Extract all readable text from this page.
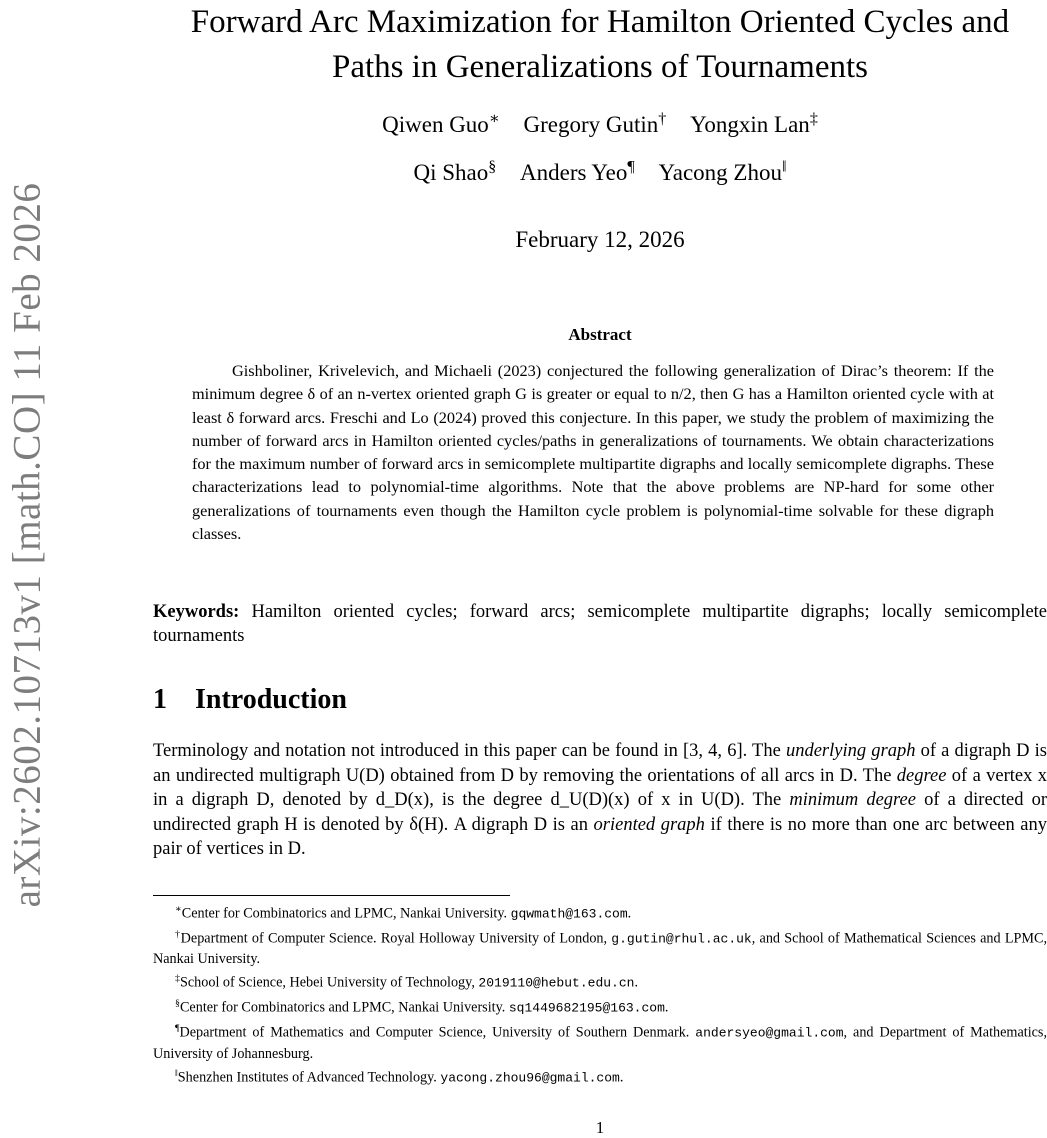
arXiv:2602.10713v1 [math.CO] 11 Feb 2026
Forward Arc Maximization for Hamilton Oriented Cycles and
Paths in Generalizations of Tournaments
Qiwen Guo∗ Gregory Gutin† Yongxin Lan‡
Qi Shao§ Anders Yeo¶ Yacong Zhou‖
February 12, 2026
Abstract

Gishboliner, Krivelevich, and Michaeli (2023) conjectured the following generalization of Dirac’s theorem: If the minimum degree δ of an n-vertex oriented graph G is greater or equal to n/2, then G has a Hamilton oriented cycle with at least δ forward arcs. Freschi and Lo (2024) proved this conjecture. In this paper, we study the problem of maximizing the number of forward arcs in Hamilton oriented cycles/paths in generalizations of tournaments. We obtain characterizations for the maximum number of forward arcs in semicomplete multipartite digraphs and locally semicomplete digraphs. These characterizations lead to polynomial-time algorithms. Note that the above problems are NP-hard for some other generalizations of tournaments even though the Hamilton cycle problem is polynomial-time solvable for these digraph classes.

Keywords: Hamilton oriented cycles; forward arcs; semicomplete multipartite digraphs; locally semicomplete tournaments

1 Introduction

Terminology and notation not introduced in this paper can be found in [3, 4, 6]. The underlying graph of a digraph D is an undirected multigraph U(D) obtained from D by removing the orientations of all arcs in D. The degree of a vertex x in a digraph D, denoted by d_D(x), is the degree d_U(D)(x) of x in U(D). The minimum degree of a directed or undirected graph H is denoted by δ(H). A digraph D is an oriented graph if there is no more than one arc between any pair of vertices in D.

∗Center for Combinatorics and LPMC, Nankai University. gqwmath@163.com.

†Department of Computer Science. Royal Holloway University of London, g.gutin@rhul.ac.uk, and School of Mathematical Sciences and LPMC, Nankai University.

‡School of Science, Hebei University of Technology, 2019110@hebut.edu.cn.

§Center for Combinatorics and LPMC, Nankai University. sq1449682195@163.com.

¶Department of Mathematics and Computer Science, University of Southern Denmark. andersyeo@gmail.com, and Department of Mathematics, University of Johannesburg.

‖Shenzhen Institutes of Advanced Technology. yacong.zhou96@gmail.com.

1
